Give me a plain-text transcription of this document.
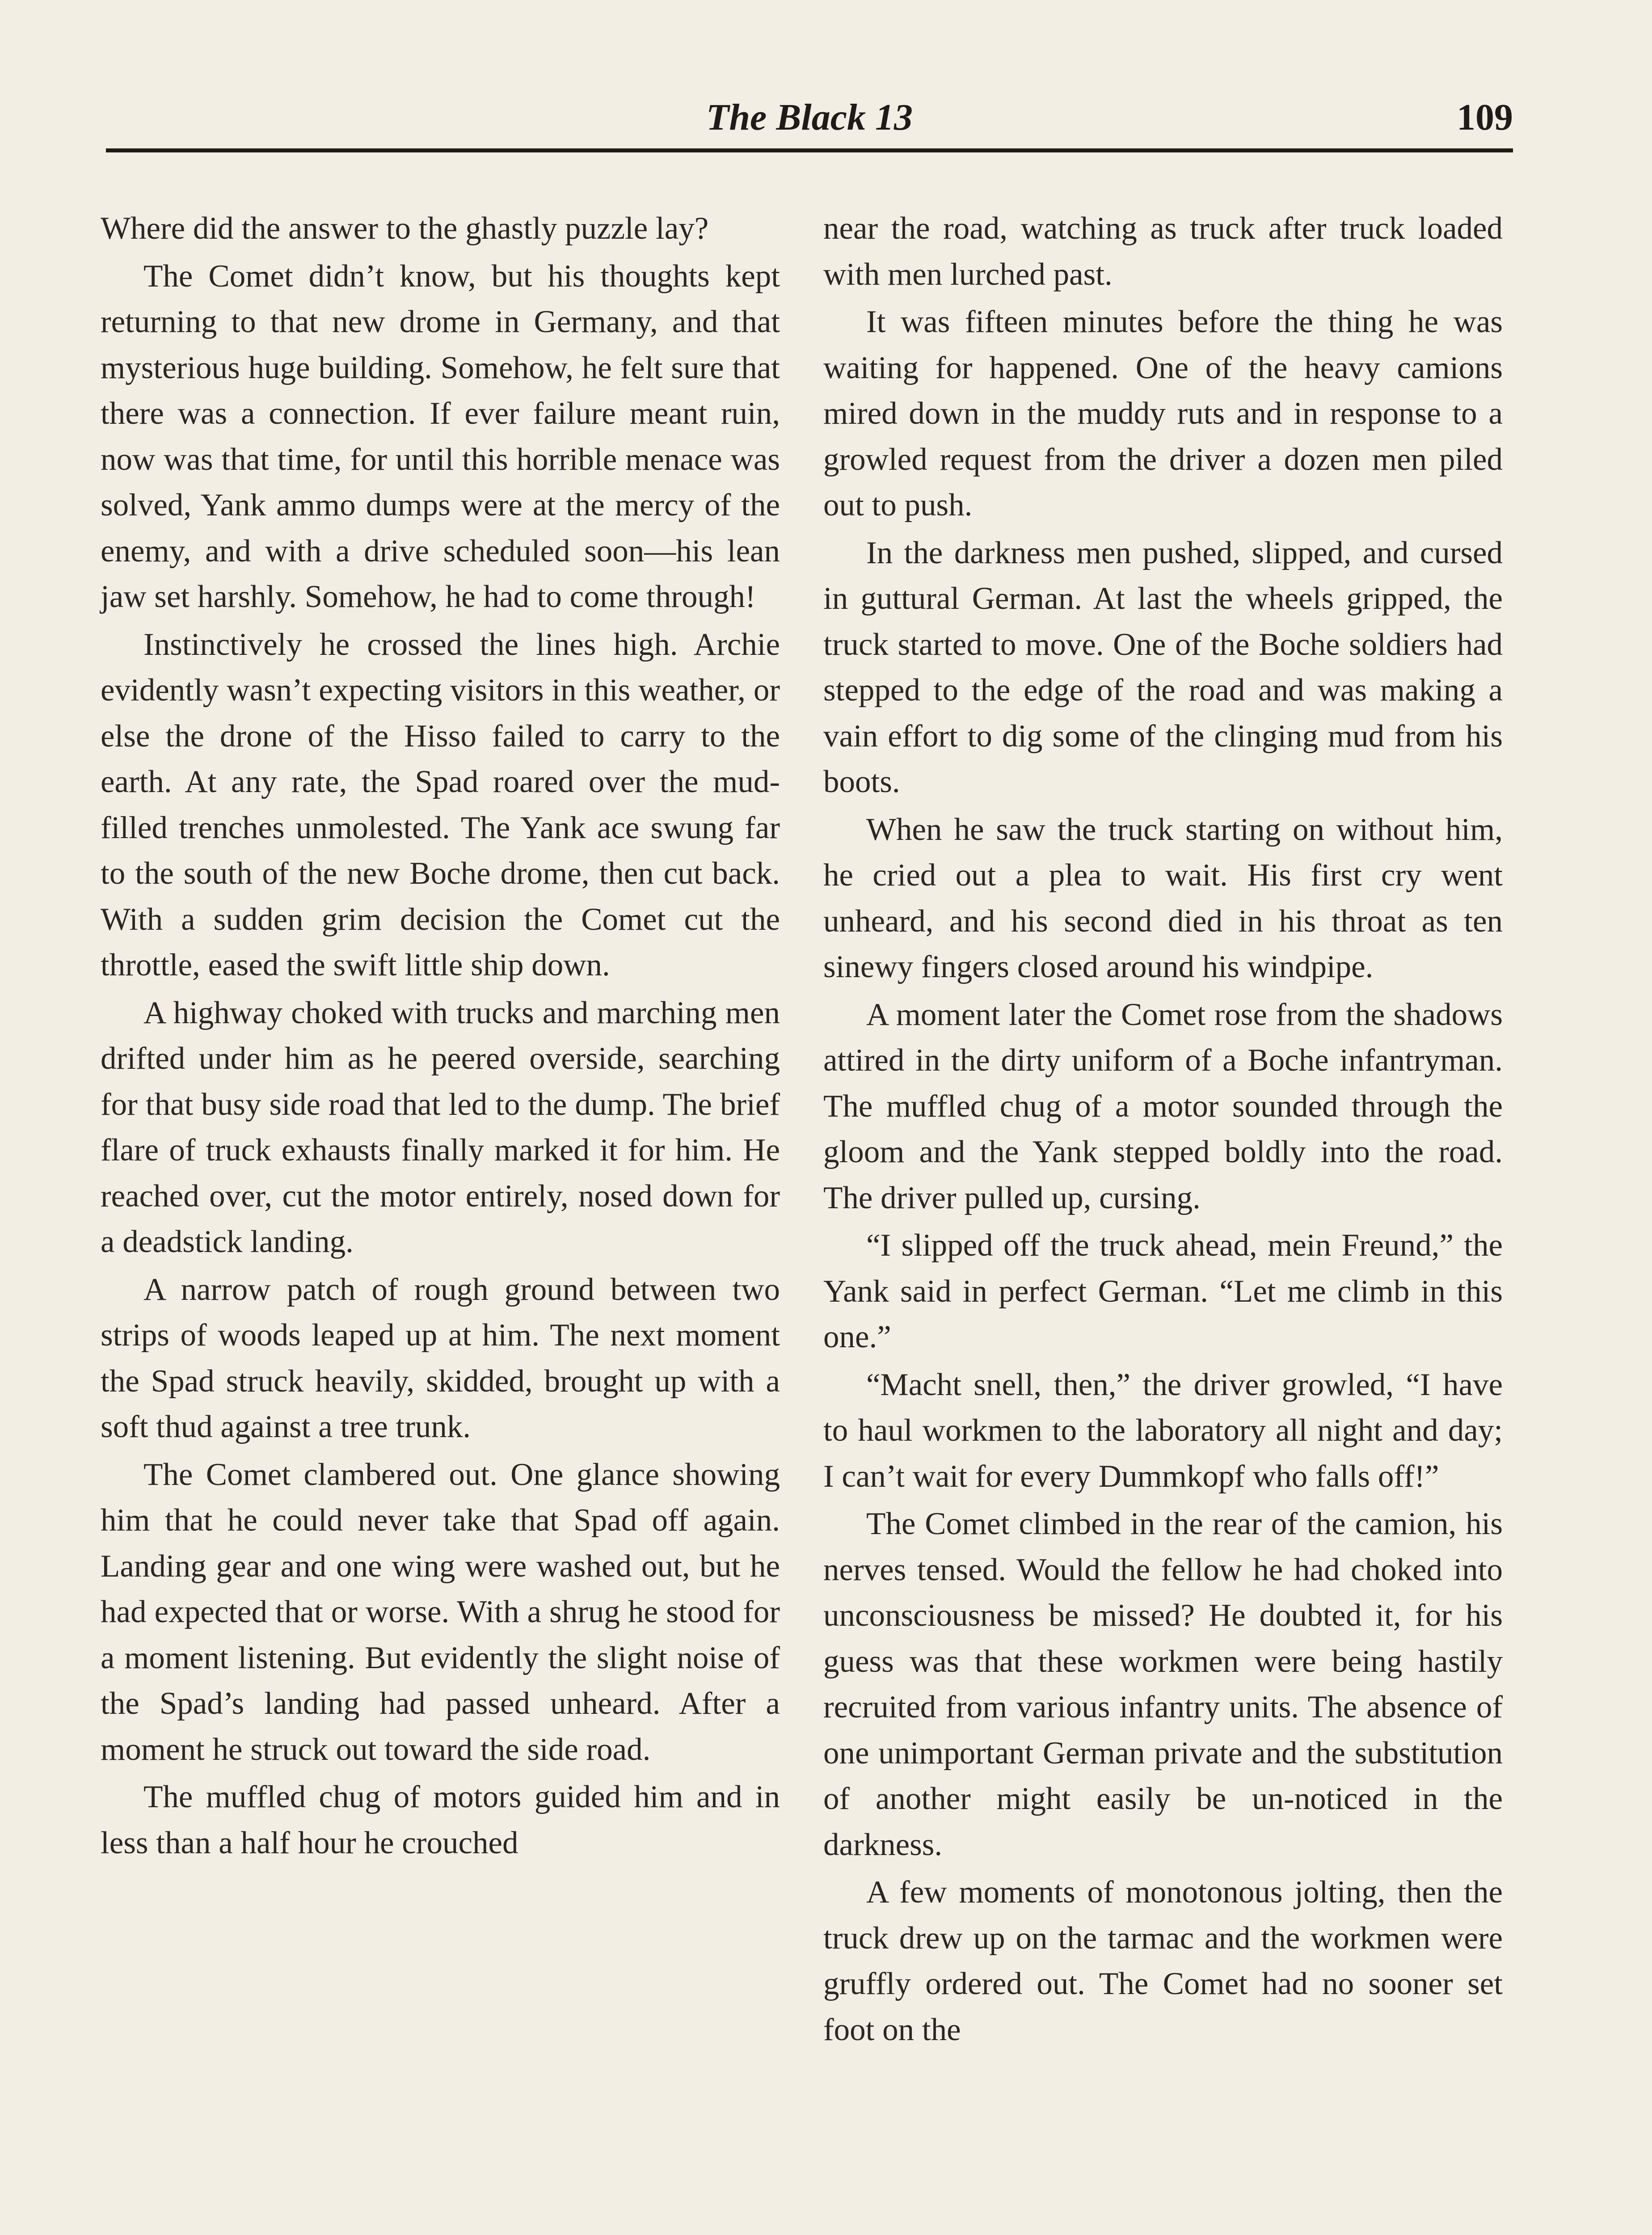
The Black 13	109

Where did the answer to the ghastly puzzle lay?

The Comet didn’t know, but his thoughts kept returning to that new drome in Germany, and that mysterious huge building. Somehow, he felt sure that there was a connection. If ever failure meant ruin, now was that time, for until this horrible menace was solved, Yank ammo dumps were at the mercy of the enemy, and with a drive scheduled soon—his lean jaw set harshly. Somehow, he had to come through!

Instinctively he crossed the lines high. Archie evidently wasn’t expecting visitors in this weather, or else the drone of the Hisso failed to carry to the earth. At any rate, the Spad roared over the mud-filled trenches unmolested. The Yank ace swung far to the south of the new Boche drome, then cut back. With a sudden grim decision the Comet cut the throttle, eased the swift little ship down.

A highway choked with trucks and marching men drifted under him as he peered overside, searching for that busy side road that led to the dump. The brief flare of truck exhausts finally marked it for him. He reached over, cut the motor entirely, nosed down for a deadstick landing.

A narrow patch of rough ground between two strips of woods leaped up at him. The next moment the Spad struck heavily, skidded, brought up with a soft thud against a tree trunk.

The Comet clambered out. One glance showing him that he could never take that Spad off again. Landing gear and one wing were washed out, but he had expected that or worse. With a shrug he stood for a moment listening. But evidently the slight noise of the Spad’s landing had passed unheard. After a moment he struck out toward the side road.

The muffled chug of motors guided him and in less than a half hour he crouched

near the road, watching as truck after truck loaded with men lurched past.

It was fifteen minutes before the thing he was waiting for happened. One of the heavy camions mired down in the muddy ruts and in response to a growled request from the driver a dozen men piled out to push.

In the darkness men pushed, slipped, and cursed in guttural German. At last the wheels gripped, the truck started to move. One of the Boche soldiers had stepped to the edge of the road and was making a vain effort to dig some of the clinging mud from his boots.

When he saw the truck starting on without him, he cried out a plea to wait. His first cry went unheard, and his second died in his throat as ten sinewy fingers closed around his windpipe.

A moment later the Comet rose from the shadows attired in the dirty uniform of a Boche infantryman. The muffled chug of a motor sounded through the gloom and the Yank stepped boldly into the road. The driver pulled up, cursing.

“I slipped off the truck ahead, mein Freund,” the Yank said in perfect German. “Let me climb in this one.”

“Macht snell, then,” the driver growled, “I have to haul workmen to the laboratory all night and day; I can’t wait for every Dummkopf who falls off!”

The Comet climbed in the rear of the camion, his nerves tensed. Would the fellow he had choked into unconsciousness be missed? He doubted it, for his guess was that these workmen were being hastily recruited from various infantry units. The absence of one unimportant German private and the substitution of another might easily be un-noticed in the darkness.

A few moments of monotonous jolting, then the truck drew up on the tarmac and the workmen were gruffly ordered out. The Comet had no sooner set foot on the
